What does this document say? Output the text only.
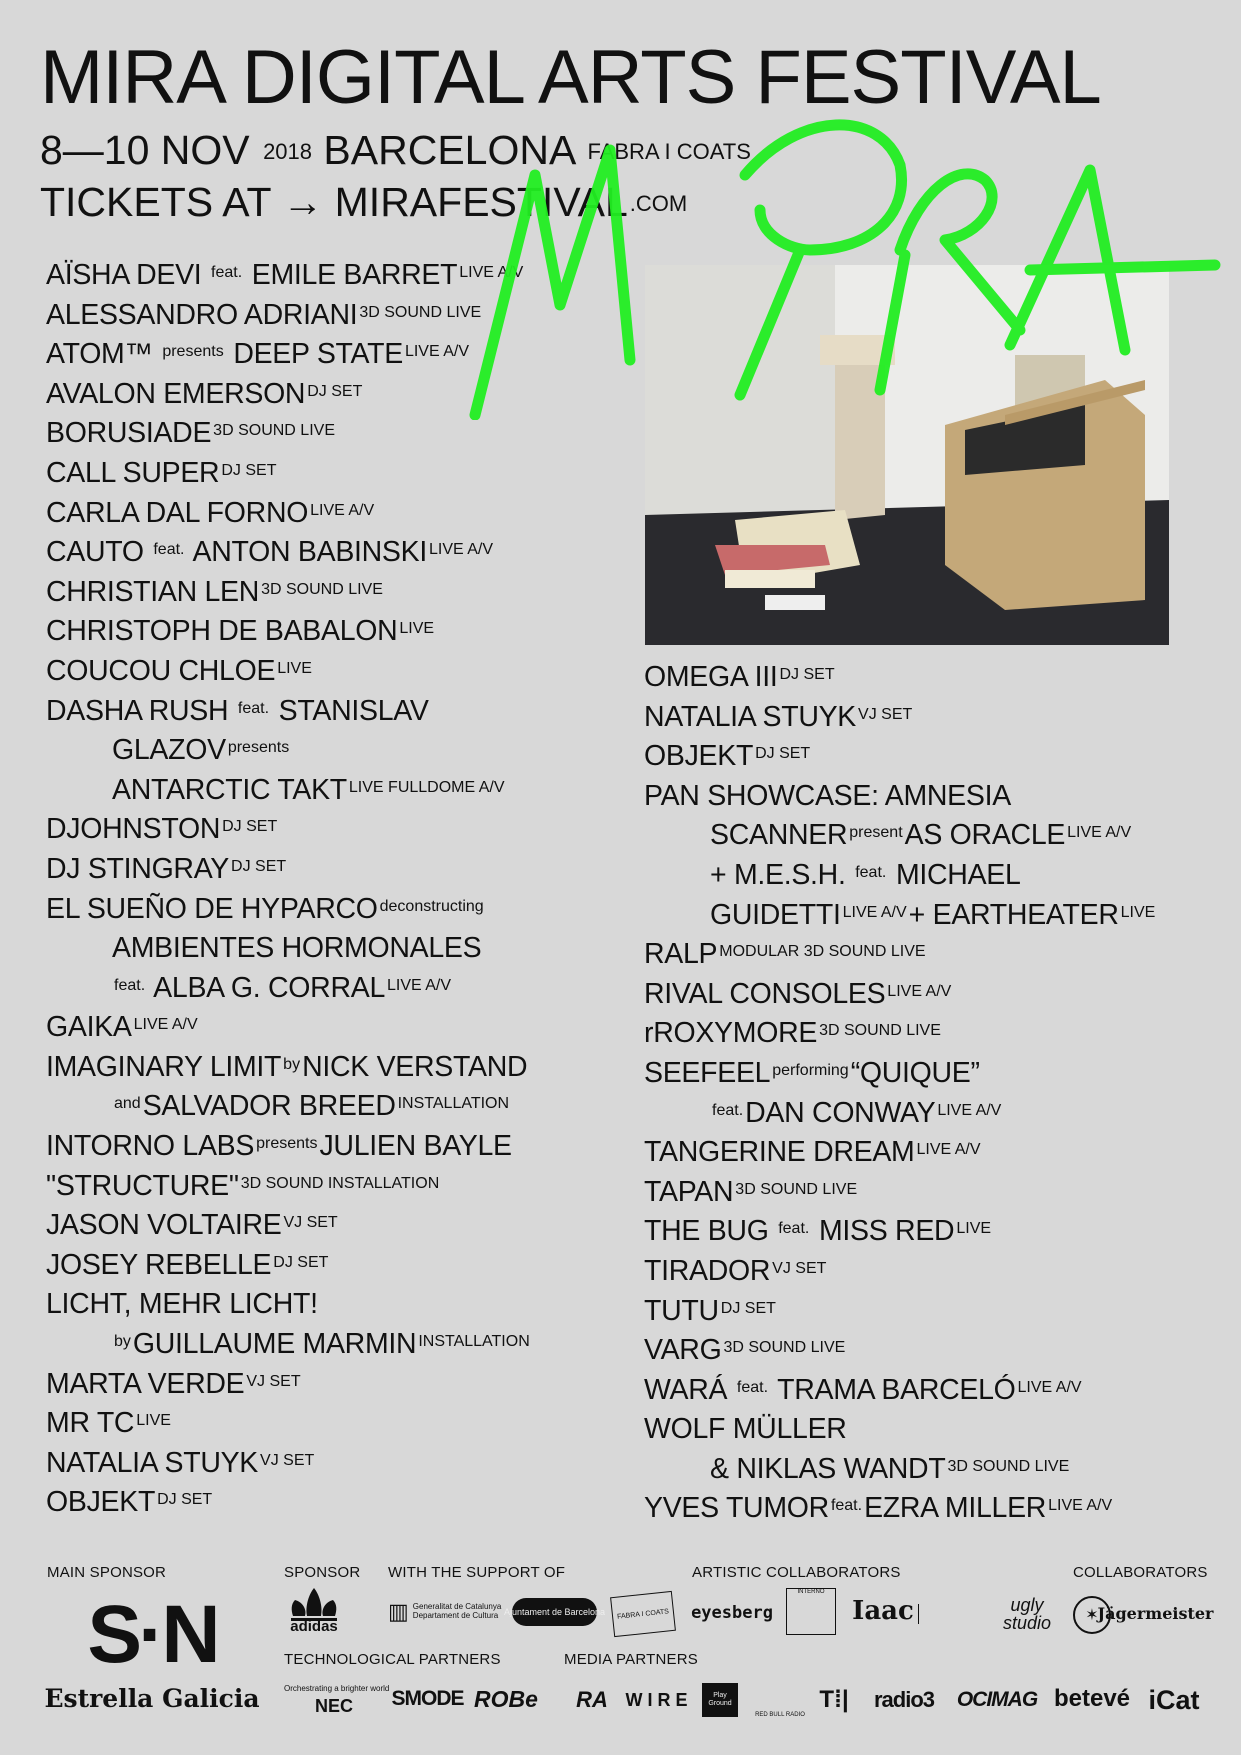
MIRA DIGITAL ARTS FESTIVAL
8—10 NOV $^{2018}$ BARCELONA $^{FABRA I COATS}$
TICKETS AT → $MIRAFESTIVAL^{.COM}$
AÏSHA DEVI $^{feat.}$ EMILE BARRET $^{LIVE A/V}$
ALESSANDRO ADRIANI $^{3D SOUND LIVE}$
ATOM™ $^{presents}$ DEEP STATE $^{LIVE A/V}$
AVALON EMERSON $^{DJ SET}$
BORUSIADE $^{3D SOUND LIVE}$
CALL SUPER $^{DJ SET}$
CARLA DAL FORNO $^{LIVE A/V}$
CAUTO $^{feat.}$ ANTON BABINSKI $^{LIVE A/V}$
CHRISTIAN LEN $^{3D SOUND LIVE}$
CHRISTOPH DE BABALON $^{LIVE}$
COUCOU CHLOE $^{LIVE}$
DASHA RUSH $^{feat.}$ STANISLAV
GLAZOV $^{presents}$
ANTARCTIC TAKT $^{LIVE FULLDOME A/V}$
DJOHNSTON $^{DJ SET}$
DJ STINGRAY $^{DJ SET}$
EL SUEÑO DE HYPARCO $^{deconstructing}$
AMBIENTES HORMONALES
$^{feat.}$ ALBA G. CORRAL $^{LIVE A/V}$
GAIKA $^{LIVE A/V}$
IMAGINARY LIMIT $^{by}$NICK VERSTAND
$^{and}$SALVADOR BREED $^{INSTALLATION}$
INTORNO LABS $^{presents}$JULIEN BAYLE
"STRUCTURE" $^{3D SOUND INSTALLATION}$
JASON VOLTAIRE $^{VJ SET}$
JOSEY REBELLE $^{DJ SET}$
LICHT, MEHR LICHT!
$^{by}$GUILLAUME MARMIN $^{INSTALLATION}$
MARTA VERDE $^{VJ SET}$
MR TC $^{LIVE}$
NATALIA STUYK $^{VJ SET}$
OBJEKT $^{DJ SET}$
OMEGA III $^{DJ SET}$
NATALIA STUYK $^{VJ SET}$
OBJEKT $^{DJ SET}$
PAN SHOWCASE: AMNESIA
SCANNER $^{present}$AS ORACLE $^{LIVE A/V}$
+ M.E.S.H. $^{feat.}$ MICHAEL
GUIDETTI $^{LIVE A/V}$+ EARTHEATER $^{LIVE}$
RALP $^{MODULAR 3D SOUND LIVE}$
RIVAL CONSOLES $^{LIVE A/V}$
rROXYMORE $^{3D SOUND LIVE}$
SEEFEEL $^{performing}$“QUIQUE”
$^{feat.}$DAN CONWAY $^{LIVE A/V}$
TANGERINE DREAM $^{LIVE A/V}$
TAPAN $^{3D SOUND LIVE}$
THE BUG $^{feat.}$ MISS RED $^{LIVE}$
TIRADOR $^{VJ SET}$
TUTU $^{DJ SET}$
VARG $^{3D SOUND LIVE}$
WARÁ $^{feat.}$ TRAMA BARCELÓ $^{LIVE A/V}$
WOLF MÜLLER
& NIKLAS WANDT $^{3D SOUND LIVE}$
YVES TUMOR $^{feat.}$EZRA MILLER $^{LIVE A/V}$
MAIN SPONSOR	SPONSOR WITH THE SUPPORT OF	ARTISTIC COLLABORATORS	COLLABORATORS
TECHNOLOGICAL PARTNERS	MEDIA PARTNERS
S·N
Estrella Galicia
adidas
▥ Generalitat de Catalunya Departament de Cultura Ajuntament de Barcelona	FABRA I COATS	eyesberg
INTERNO
Iaac	ugly studio	✶
Jägermeister
Orchestrating a brighter world
NEC	SMODE ROBe	RA WIRE	Play Ground
RED BULL RADIO
T⁞|	radio3 OCIMAG betevé iCat
